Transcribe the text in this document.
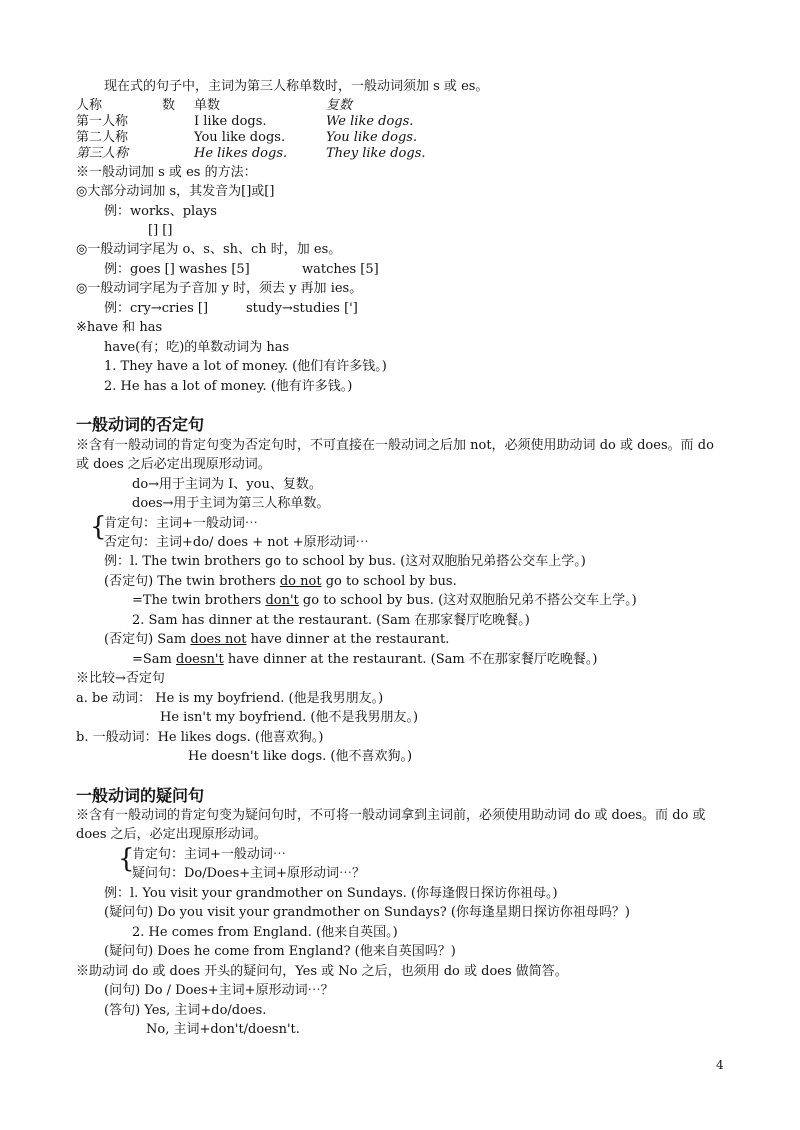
现在式的句子中，主词为第三人称单数时，一般动词须加 s 或 es。
人称	数 单数	复数
第一人称	I like dogs.	We like dogs.
第二人称	You like dogs.	You like dogs.
第三人称	He likes dogs.	They like dogs.
※一般动词加 s 或 es 的方法：
◎大部分动词加 s，其发音为[]或[]
例：works、plays
[] []
◎一般动词字尾为 o、s、sh、ch 时，加 es。
例：goes [] washes [5]	watches [5]
◎一般动词字尾为子音加 y 时，须去 y 再加 ies。
例：cry→cries []	study→studies [']
※have 和 has
have(有；吃)的单数动词为 has
1. They have a lot of money. (他们有许多钱。)
2. He has a lot of money. (他有许多钱。)
一般动词的否定句
※含有一般动词的肯定句变为否定句时，不可直接在一般动词之后加 not，必须使用助动词 do 或 does。而 do
或 does 之后必定出现原形动词。
do→用于主词为 I、you、复数。
does→用于主词为第三人称单数。
{
肯定句：主词+一般动词⋯
否定句：主词+do/ does + not +原形动词⋯
例：l. The twin brothers go to school by bus. (这对双胞胎兄弟搭公交车上学。)
(否定句) The twin brothers do not go to school by bus.
=The twin brothers don't go to school by bus. (这对双胞胎兄弟不搭公交车上学。)
2. Sam has dinner at the restaurant. (Sam 在那家餐厅吃晚餐。)
(否定句) Sam does not have dinner at the restaurant.
=Sam doesn't have dinner at the restaurant. (Sam 不在那家餐厅吃晚餐。)
※比较→否定句
a. be 动词： He is my boyfriend. (他是我男朋友。)
He isn't my boyfriend. (他不是我男朋友。)
b. 一般动词：He likes dogs. (他喜欢狗。)
He doesn't like dogs. (他不喜欢狗。)
一般动词的疑问句
※含有一般动词的肯定句变为疑问句时，不可将一般动词拿到主词前，必须使用助动词 do 或 does。而 do 或
does 之后，必定出现原形动词。
{
肯定句：主词+一般动词⋯
疑问句：Do/Does+主词+原形动词⋯？
例：l. You visit your grandmother on Sundays. (你每逢假日探访你祖母。)
(疑问句) Do you visit your grandmother on Sundays? (你每逢星期日探访你祖母吗？)
2. He comes from England. (他来自英国。)
(疑问句) Does he come from England? (他来自英国吗？)
※助动词 do 或 does 开头的疑问句，Yes 或 No 之后，也须用 do 或 does 做简答。
(问句) Do / Does+主词+原形动词⋯？
(答句) Yes, 主词+do/does.
No, 主词+don't/doesn't.
4
